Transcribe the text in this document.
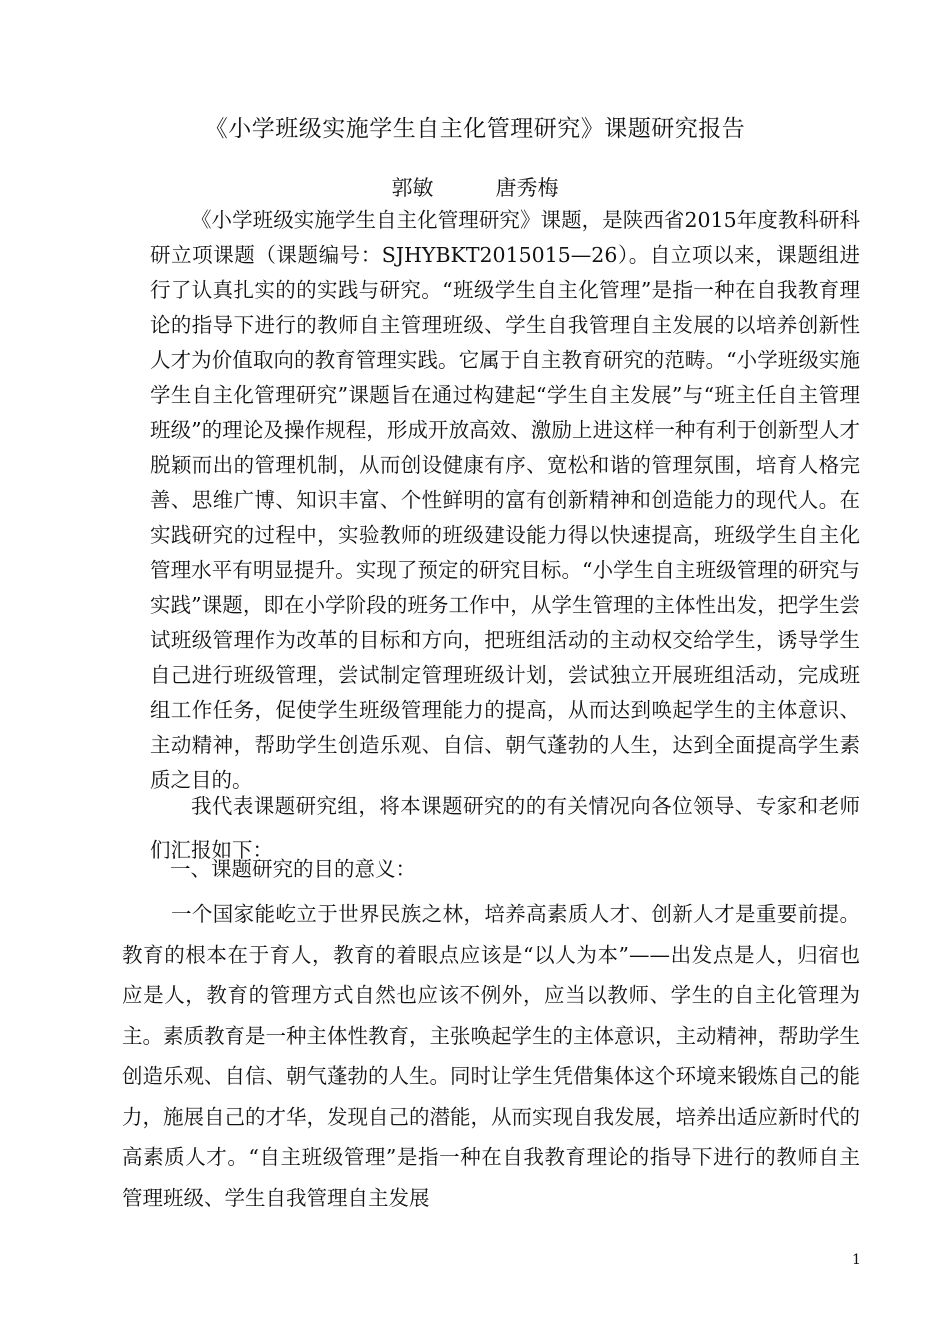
《小学班级实施学生自主化管理研究》课题研究报告
郭敏	唐秀梅

《小学班级实施学生自主化管理研究》课题，是陕西省2015年度教科研科研立项课题（课题编号：SJHYBKT2015015—26）。自立项以来，课题组进行了认真扎实的的实践与研究。“班级学生自主化管理”是指一种在自我教育理论的指导下进行的教师自主管理班级、学生自我管理自主发展的以培养创新性人才为价值取向的教育管理实践。它属于自主教育研究的范畴。“小学班级实施学生自主化管理研究”课题旨在通过构建起“学生自主发展”与“班主任自主管理班级”的理论及操作规程，形成开放高效、激励上进这样一种有利于创新型人才脱颖而出的管理机制，从而创设健康有序、宽松和谐的管理氛围，培育人格完善、思维广博、知识丰富、个性鲜明的富有创新精神和创造能力的现代人。在实践研究的过程中，实验教师的班级建设能力得以快速提高，班级学生自主化管理水平有明显提升。实现了预定的研究目标。“小学生自主班级管理的研究与实践”课题，即在小学阶段的班务工作中，从学生管理的主体性出发，把学生尝试班级管理作为改革的目标和方向，把班组活动的主动权交给学生，诱导学生自己进行班级管理，尝试制定管理班级计划，尝试独立开展班组活动，完成班组工作任务，促使学生班级管理能力的提高，从而达到唤起学生的主体意识、主动精神，帮助学生创造乐观、自信、朝气蓬勃的人生，达到全面提高学生素质之目的。

我代表课题研究组，将本课题研究的的有关情况向各位领导、专家和老师们汇报如下：

一、课题研究的目的意义：

一个国家能屹立于世界民族之林，培养高素质人才、创新人才是重要前提。教育的根本在于育人，教育的着眼点应该是“以人为本”——出发点是人，归宿也应是人，教育的管理方式自然也应该不例外，应当以教师、学生的自主化管理为主。素质教育是一种主体性教育，主张唤起学生的主体意识，主动精神，帮助学生创造乐观、自信、朝气蓬勃的人生。同时让学生凭借集体这个环境来锻炼自己的能力，施展自己的才华，发现自己的潜能，从而实现自我发展，培养出适应新时代的高素质人才。“自主班级管理”是指一种在自我教育理论的指导下进行的教师自主管理班级、学生自我管理自主发展

1
